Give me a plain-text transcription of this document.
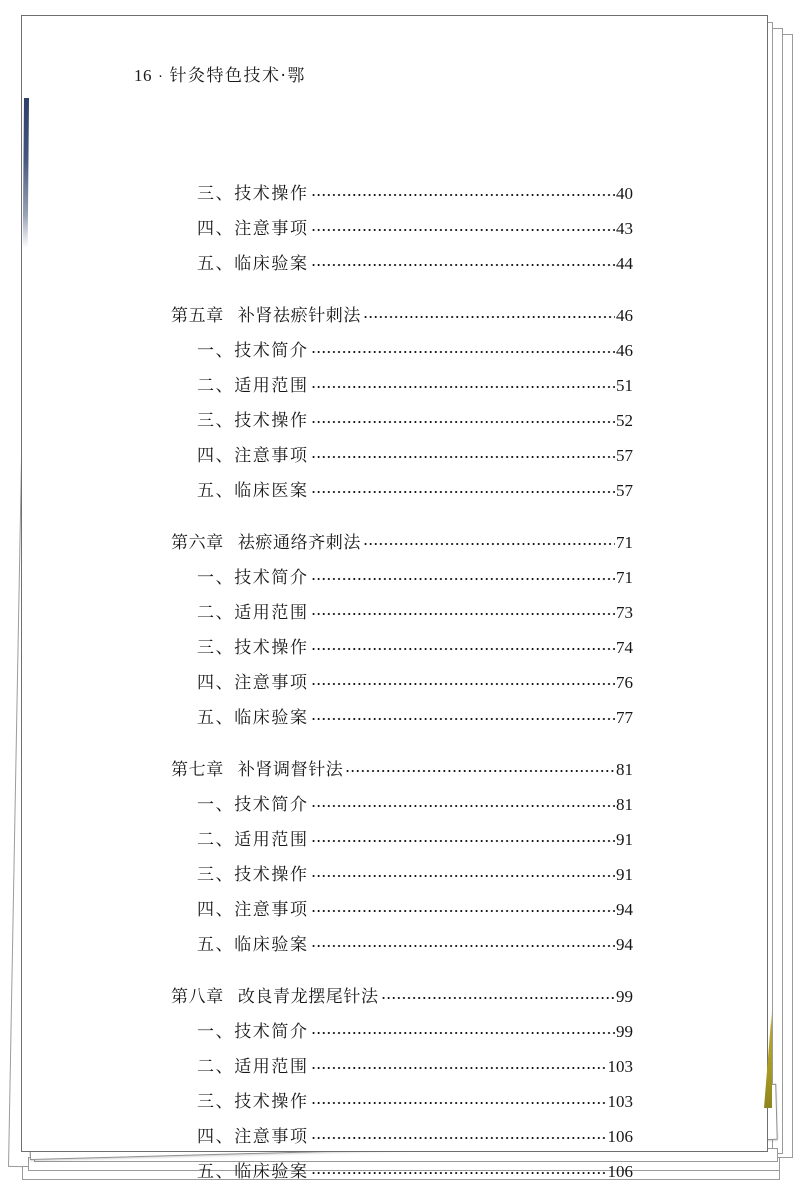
16 · 针灸特色技术·鄂
三、技术操作	40
四、注意事项	43
五、临床验案	44
第五章 补肾祛瘀针刺法	46
一、技术简介	46
二、适用范围	51
三、技术操作	52
四、注意事项	57
五、临床医案	57
第六章 祛瘀通络齐刺法	71
一、技术简介	71
二、适用范围	73
三、技术操作	74
四、注意事项	76
五、临床验案	77
第七章 补肾调督针法	81
一、技术简介	81
二、适用范围	91
三、技术操作	91
四、注意事项	94
五、临床验案	94
第八章 改良青龙摆尾针法	99
一、技术简介	99
二、适用范围	103
三、技术操作	103
四、注意事项	106
五、临床验案	106
